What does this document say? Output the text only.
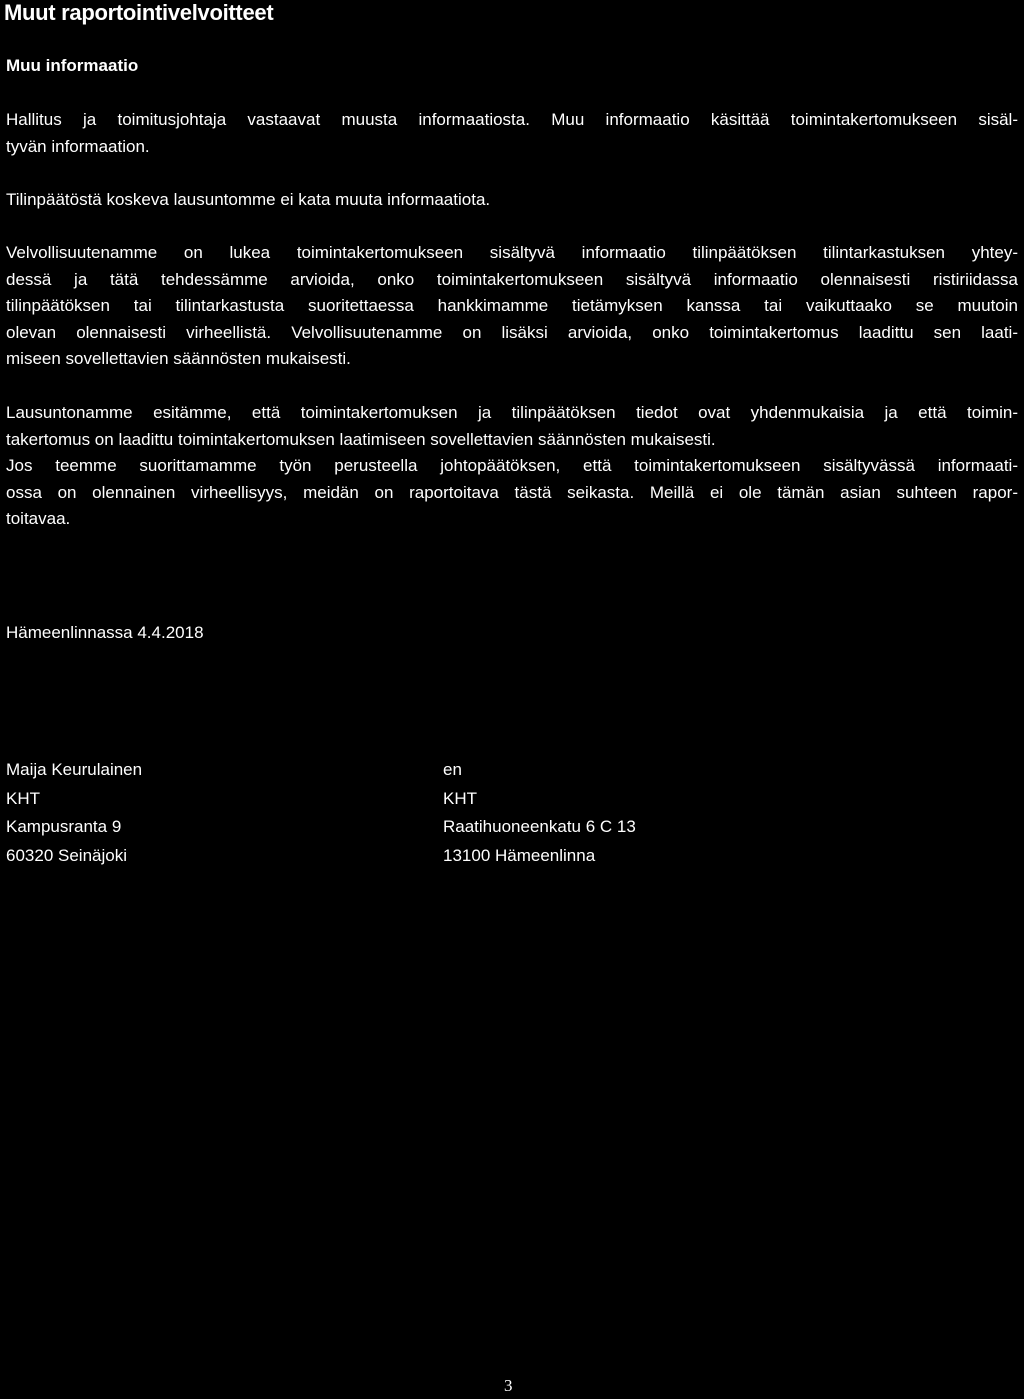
Muut raportointivelvoitteet
Muu informaatio

Hallitus ja toimitusjohtaja vastaavat muusta informaatiosta. Muu informaatio käsittää toimintakertomukseen sisäl-
tyvän informaation.

Tilinpäätöstä koskeva lausuntomme ei kata muuta informaatiota.

Velvollisuutenamme on lukea toimintakertomukseen sisältyvä informaatio tilinpäätöksen tilintarkastuksen yhtey-
dessä ja tätä tehdessämme arvioida, onko toimintakertomukseen sisältyvä informaatio olennaisesti ristiriidassa
tilinpäätöksen tai tilintarkastusta suoritettaessa hankkimamme tietämyksen kanssa tai vaikuttaako se muutoin
olevan olennaisesti virheellistä. Velvollisuutenamme on lisäksi arvioida, onko toimintakertomus laadittu sen laati-
miseen sovellettavien säännösten mukaisesti.

Lausuntonamme esitämme, että toimintakertomuksen ja tilinpäätöksen tiedot ovat yhdenmukaisia ja että toimin-
takertomus on laadittu toimintakertomuksen laatimiseen sovellettavien säännösten mukaisesti.

Jos teemme suorittamamme työn perusteella johtopäätöksen, että toimintakertomukseen sisältyvässä informaati-
ossa on olennainen virheellisyys, meidän on raportoitava tästä seikasta. Meillä ei ole tämän asian suhteen rapor-
toitavaa.

Hämeenlinnassa 4.4.2018

Maija Keurulainen
KHT
Kampusranta 9
60320 Seinäjoki
en
KHT
Raatihuoneenkatu 6 C 13
13100 Hämeenlinna
3
